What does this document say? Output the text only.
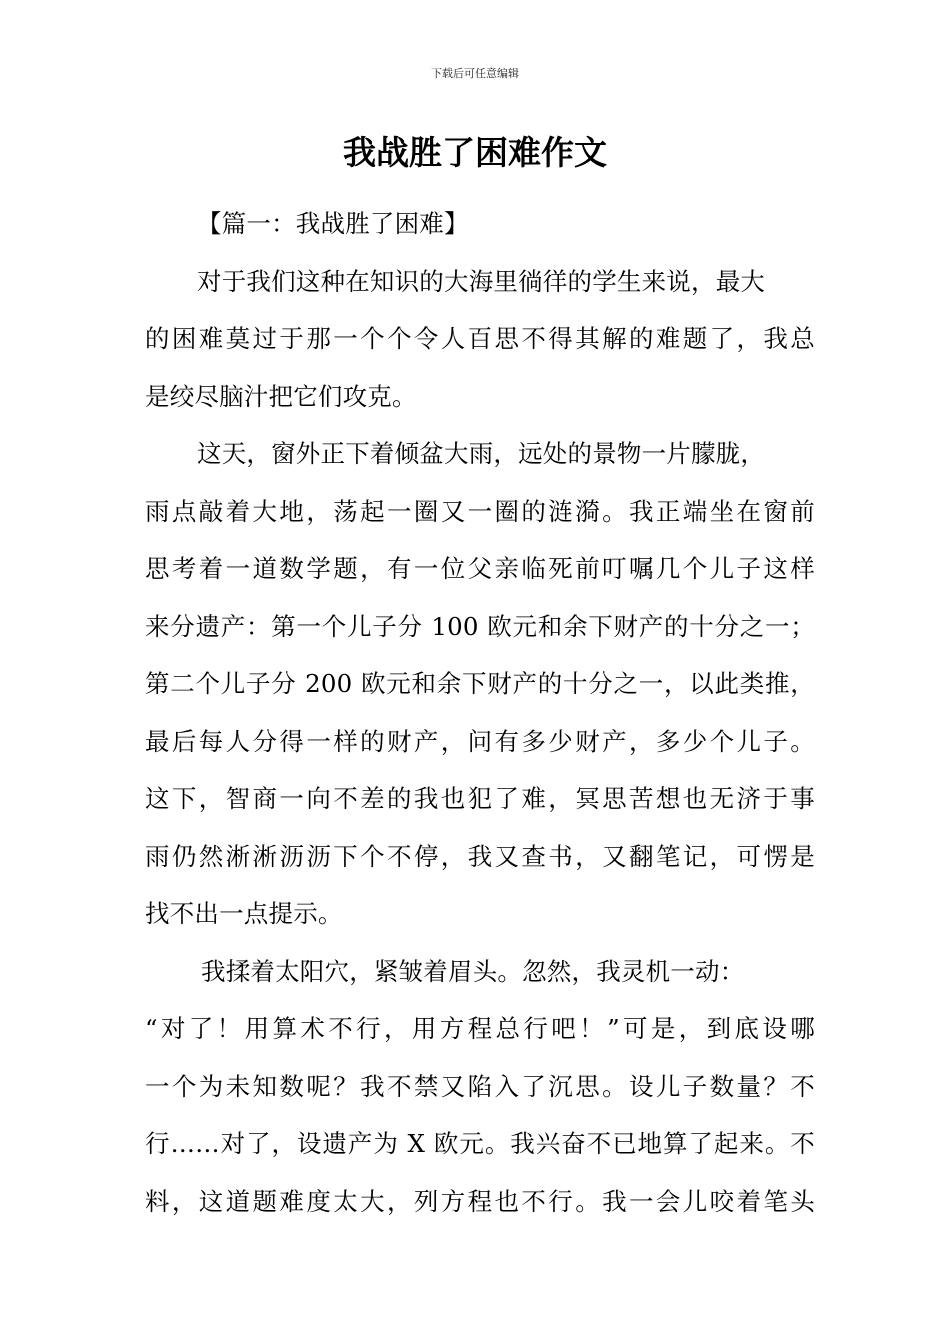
下载后可任意编辑
我战胜了困难作文
【篇一：我战胜了困难】
对于我们这种在知识的大海里徜徉的学生来说，最大
的困难莫过于那一个个令人百思不得其解的难题了，我总
是绞尽脑汁把它们攻克。
这天，窗外正下着倾盆大雨，远处的景物一片朦胧，
雨点敲着大地，荡起一圈又一圈的涟漪。我正端坐在窗前
思考着一道数学题，有一位父亲临死前叮嘱几个儿子这样
来分遗产：第一个儿子分 100 欧元和余下财产的十分之一；
第二个儿子分 200 欧元和余下财产的十分之一，以此类推，
最后每人分得一样的财产，问有多少财产，多少个儿子。
这下，智商一向不差的我也犯了难，冥思苦想也无济于事
雨仍然淅淅沥沥下个不停，我又查书，又翻笔记，可愣是
找不出一点提示。
我揉着太阳穴，紧皱着眉头。忽然，我灵机一动：
“对了！用算术不行，用方程总行吧！”可是，到底设哪
一个为未知数呢？我不禁又陷入了沉思。设儿子数量？不
行……对了，设遗产为 X 欧元。我兴奋不已地算了起来。不
料，这道题难度太大，列方程也不行。我一会儿咬着笔头
